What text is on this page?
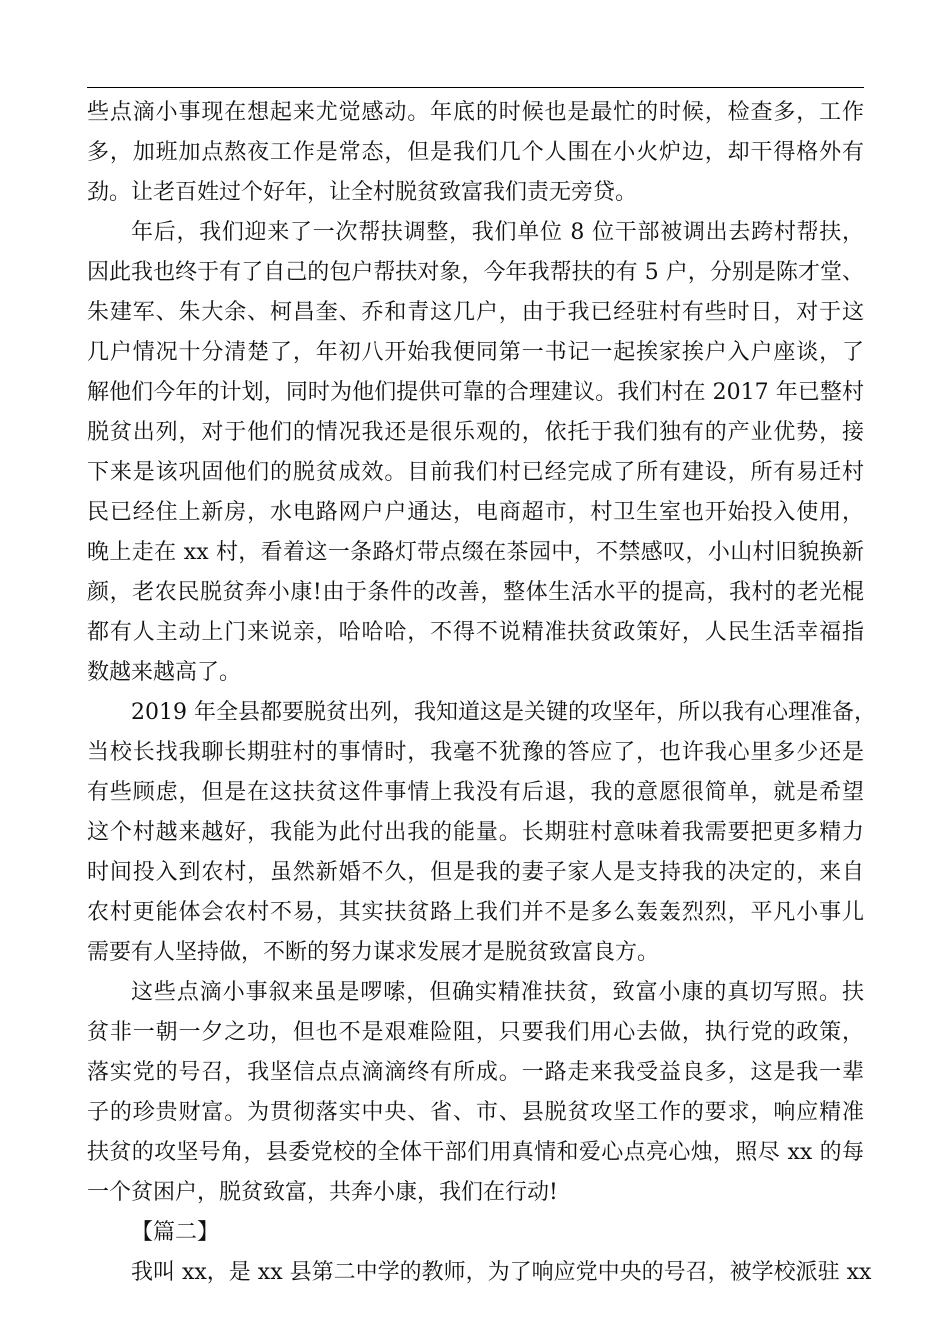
些点滴小事现在想起来尤觉感动。年底的时候也是最忙的时候，检查多，工作
多，加班加点熬夜工作是常态，但是我们几个人围在小火炉边，却干得格外有
劲。让老百姓过个好年，让全村脱贫致富我们责无旁贷。
年后，我们迎来了一次帮扶调整，我们单位 8 位干部被调出去跨村帮扶，
因此我也终于有了自己的包户帮扶对象，今年我帮扶的有 5 户，分别是陈才堂、
朱建军、朱大余、柯昌奎、乔和青这几户，由于我已经驻村有些时日，对于这
几户情况十分清楚了，年初八开始我便同第一书记一起挨家挨户入户座谈，了
解他们今年的计划，同时为他们提供可靠的合理建议。我们村在 2017 年已整村
脱贫出列，对于他们的情况我还是很乐观的，依托于我们独有的产业优势，接
下来是该巩固他们的脱贫成效。目前我们村已经完成了所有建设，所有易迁村
民已经住上新房，水电路网户户通达，电商超市，村卫生室也开始投入使用，
晚上走在 xx 村，看着这一条路灯带点缀在茶园中，不禁感叹，小山村旧貌换新
颜，老农民脱贫奔小康!由于条件的改善，整体生活水平的提高，我村的老光棍
都有人主动上门来说亲，哈哈哈，不得不说精准扶贫政策好，人民生活幸福指
数越来越高了。
2019 年全县都要脱贫出列，我知道这是关键的攻坚年，所以我有心理准备，
当校长找我聊长期驻村的事情时，我毫不犹豫的答应了，也许我心里多少还是
有些顾虑，但是在这扶贫这件事情上我没有后退，我的意愿很简单，就是希望
这个村越来越好，我能为此付出我的能量。长期驻村意味着我需要把更多精力
时间投入到农村，虽然新婚不久，但是我的妻子家人是支持我的决定的，来自
农村更能体会农村不易，其实扶贫路上我们并不是多么轰轰烈烈，平凡小事儿
需要有人坚持做，不断的努力谋求发展才是脱贫致富良方。
这些点滴小事叙来虽是啰嗦，但确实精准扶贫，致富小康的真切写照。扶
贫非一朝一夕之功，但也不是艰难险阻，只要我们用心去做，执行党的政策，
落实党的号召，我坚信点点滴滴终有所成。一路走来我受益良多，这是我一辈
子的珍贵财富。为贯彻落实中央、省、市、县脱贫攻坚工作的要求，响应精准
扶贫的攻坚号角，县委党校的全体干部们用真情和爱心点亮心烛，照尽 xx 的每
一个贫困户，脱贫致富，共奔小康，我们在行动!
【篇二】
我叫 xx，是 xx 县第二中学的教师，为了响应党中央的号召，被学校派驻 xx
